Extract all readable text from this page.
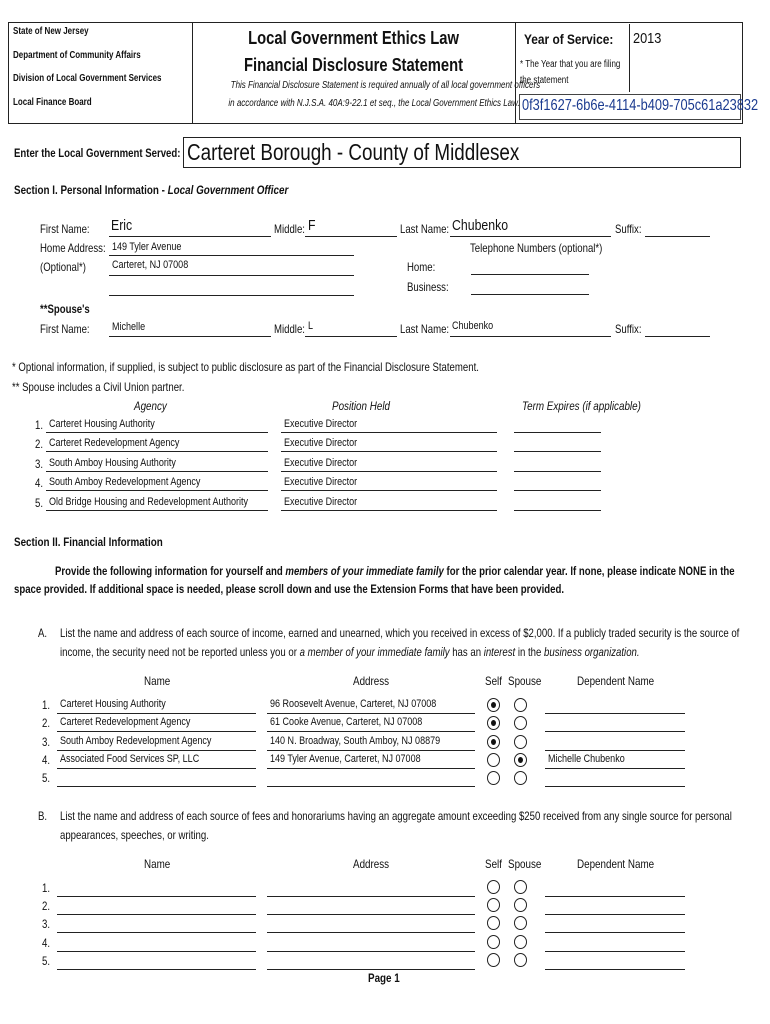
State of New Jersey
Department of Community Affairs
Division of Local Government Services
Local Finance Board
Local Government Ethics Law
Financial Disclosure Statement
This Financial Disclosure Statement is required annually of all local government officers
in accordance with N.J.S.A. 40A:9-22.1 et seq., the Local Government Ethics Law.
Year of Service:	2013
* The Year that you are filing
the statement
0f3f1627-6b6e-4114-b409-705c61a23832
Enter the Local Government Served: Carteret Borough - County of Middlesex
Section I. Personal Information - Local Government Officer
First Name:	Eric	Middle: F	Last Name: Chubenko	Suffix:
Home Address: 149 Tyler Avenue	Telephone Numbers (optional*)
(Optional*)	Carteret, NJ 07008	Home:
Business:
**Spouse's
First Name:	Michelle	Middle: L	Last Name: Chubenko	Suffix:
* Optional information, if supplied, is subject to public disclosure as part of the Financial Disclosure Statement.
** Spouse includes a Civil Union partner.
Agency	Position Held	Term Expires (if applicable)
1. Carteret Housing Authority	Executive Director
2. Carteret Redevelopment Agency	Executive Director
3. South Amboy Housing Authority	Executive Director
4. South Amboy Redevelopment Agency	Executive Director
5. Old Bridge Housing and Redevelopment Authority	Executive Director
Section II. Financial Information
Provide the following information for yourself and members of your immediate family for the prior calendar year. If none, please indicate NONE in the
space provided. If additional space is needed, please scroll down and use the Extension Forms that have been provided.
A. List the name and address of each source of income, earned and unearned, which you received in excess of $2,000. If a publicly traded security is the source of
income, the security need not be reported unless you or a member of your immediate family has an interest in the business organization.
Name	Address	Self Spouse	Dependent Name
1. Carteret Housing Authority	96 Roosevelt Avenue, Carteret, NJ 07008
2. Carteret Redevelopment Agency	61 Cooke Avenue, Carteret, NJ 07008
3. South Amboy Redevelopment Agency	140 N. Broadway, South Amboy, NJ 08879
4. Associated Food Services SP, LLC	149 Tyler Avenue, Carteret, NJ 07008	Michelle Chubenko
5.
B. List the name and address of each source of fees and honorariums having an aggregate amount exceeding $250 received from any single source for personal
appearances, speeches, or writing.
Name	Address	Self Spouse	Dependent Name
1.
2.
3.
4.
5.
Page 1
